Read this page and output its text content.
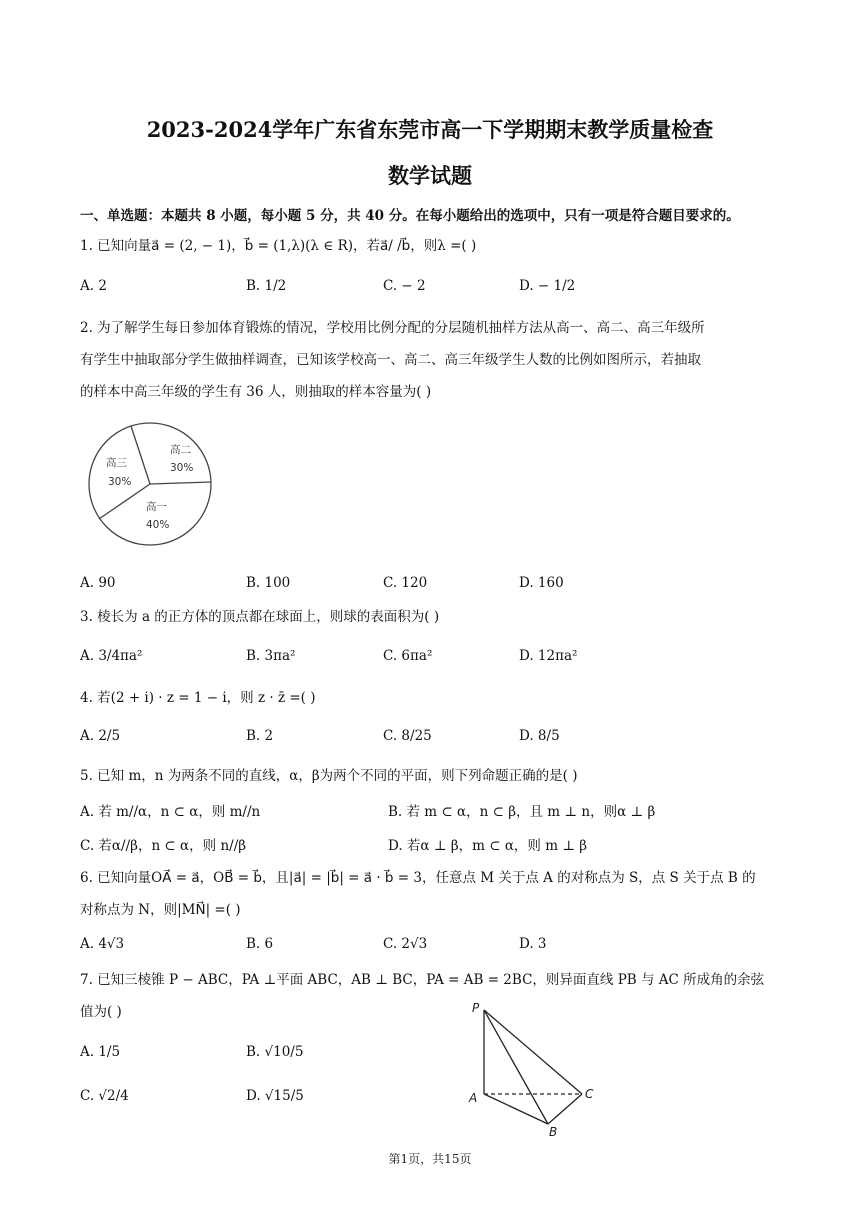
2023-2024学年广东省东莞市高一下学期期末教学质量检查
数学试题
一、单选题：本题共 8 小题，每小题 5 分，共 40 分。在每小题给出的选项中，只有一项是符合题目要求的。
1. 已知向量a⃗ = (2, − 1)，b⃗ = (1,λ)(λ ∈ R)，若a⃗/ /b⃗，则λ =( )
A. 2	B. 1/2	C. − 2	D. − 1/2
2. 为了解学生每日参加体育锻炼的情况，学校用比例分配的分层随机抽样方法从高一、高二、高三年级所
有学生中抽取部分学生做抽样调查，已知该学校高一、高二、高三年级学生人数的比例如图所示，若抽取
的样本中高三年级的学生有 36 人，则抽取的样本容量为( )
高二
30%
高一
40%
高三
30%
A. 90	B. 100	C. 120	D. 160
3. 棱长为 a 的正方体的顶点都在球面上，则球的表面积为( )
A. 3/4πa²	B. 3πa²	C. 6πa²	D. 12πa²
4. 若(2 + i) · z = 1 − i，则 z · z̄ =( )
A. 2/5	B. 2	C. 8/25	D. 8/5
5. 已知 m，n 为两条不同的直线，α，β为两个不同的平面，则下列命题正确的是( )
A. 若 m//α，n ⊂ α，则 m//n	B. 若 m ⊂ α，n ⊂ β，且 m ⊥ n，则α ⊥ β
C. 若α//β，n ⊂ α，则 n//β	D. 若α ⊥ β，m ⊂ α，则 m ⊥ β
6. 已知向量OA⃗ = a⃗，OB⃗ = b⃗，且|a⃗| = |b⃗| = a⃗ · b⃗ = 3，任意点 M 关于点 A 的对称点为 S，点 S 关于点 B 的
对称点为 N，则|MN⃗| =( )
A. 4√3	B. 6	C. 2√3	D. 3
7. 已知三棱锥 P − ABC，PA ⊥平面 ABC，AB ⊥ BC，PA = AB = 2BC，则异面直线 PB 与 AC 所成角的余弦
值为( )
A. 1/5	B. √10/5
C. √2/4	D. √15/5
P
A
B
C
第1页，共15页
